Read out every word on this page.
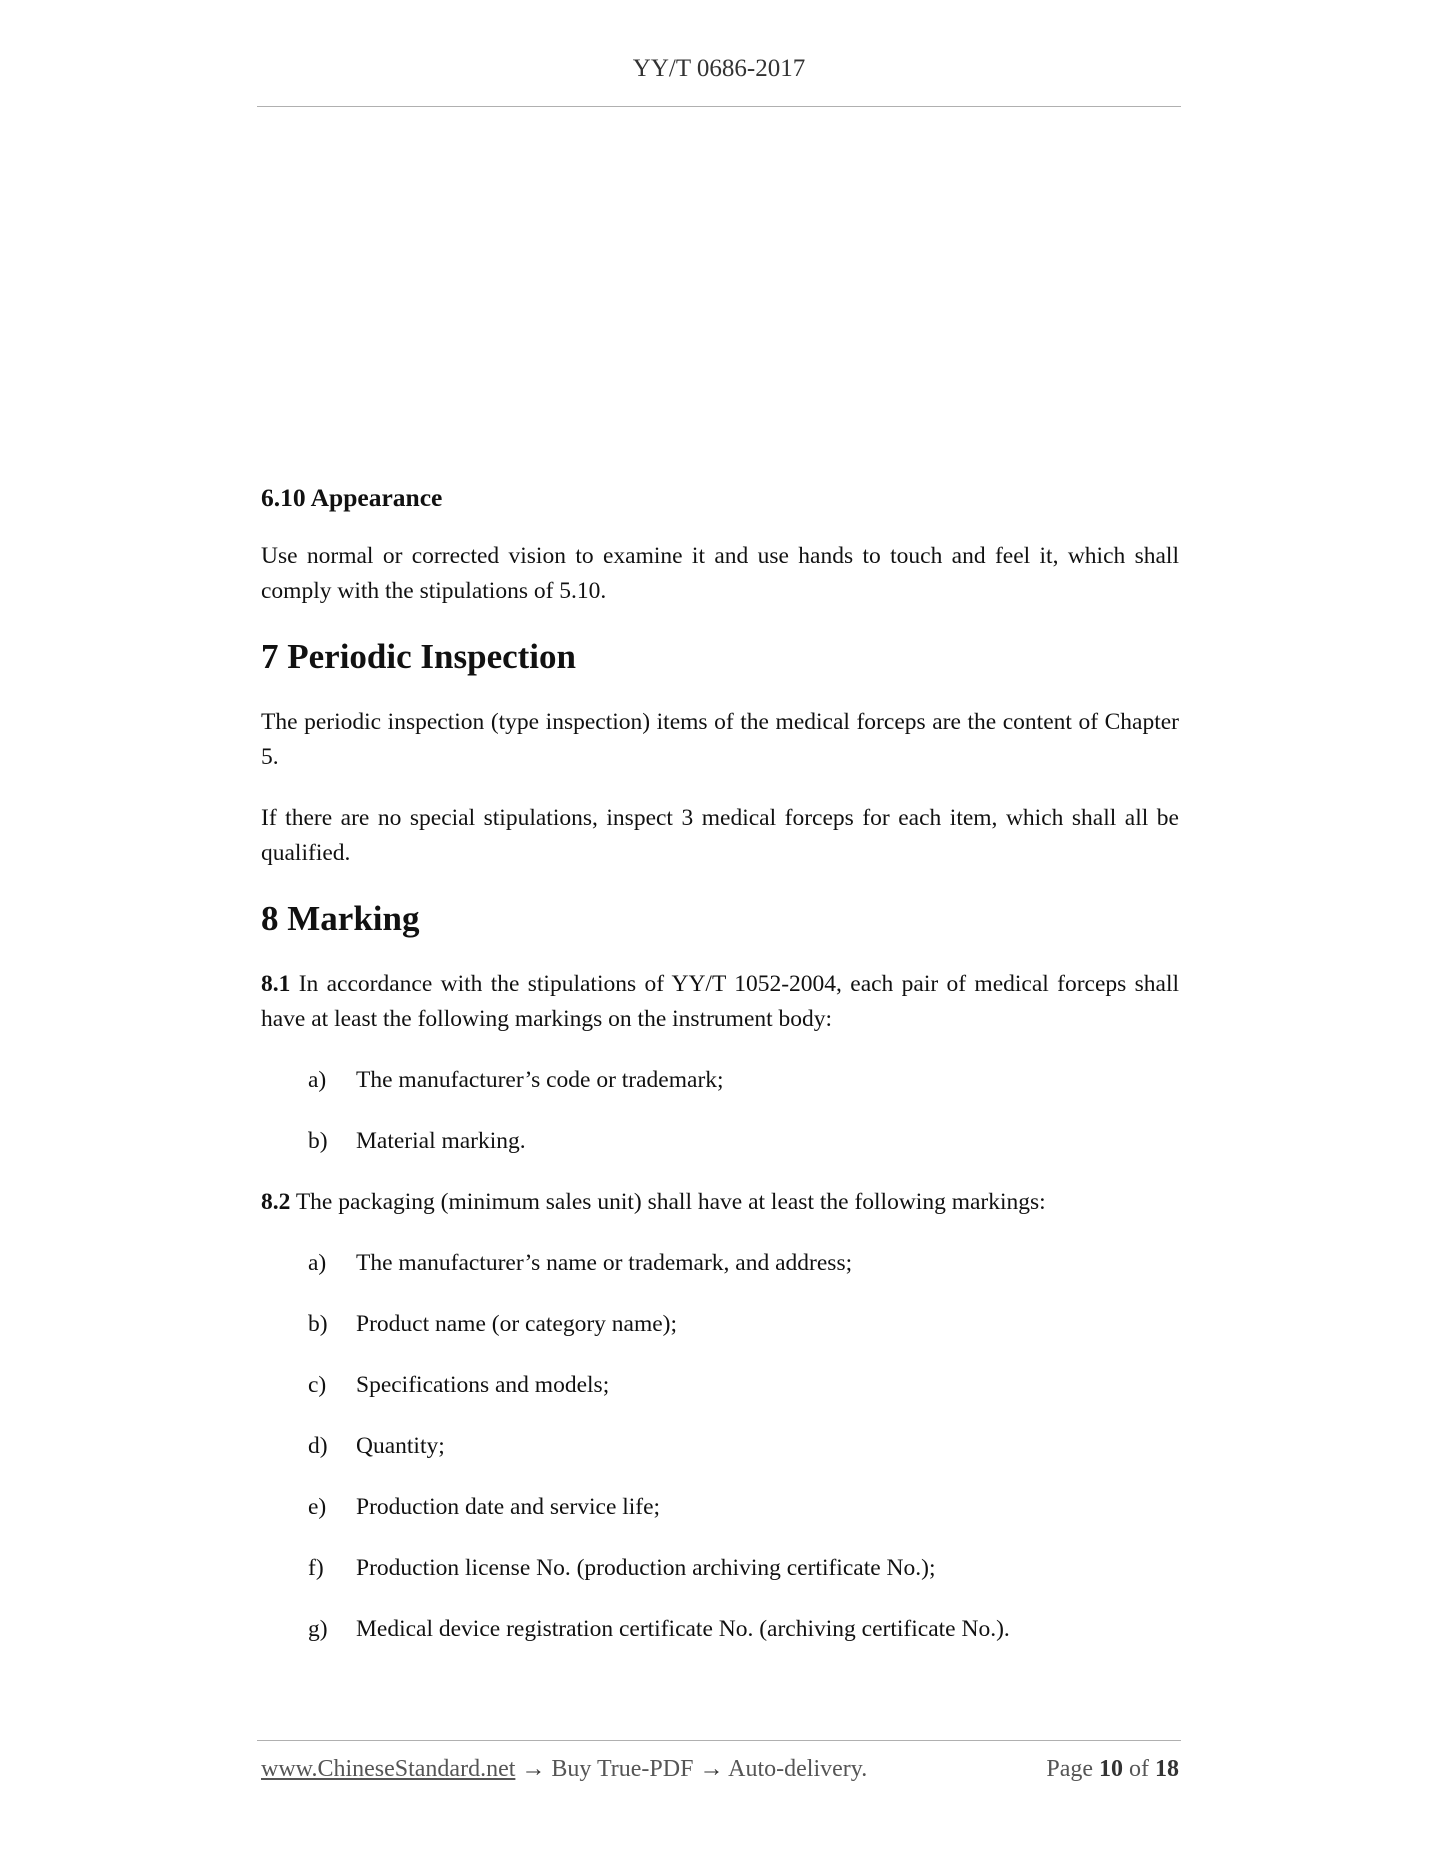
YY/T 0686-2017
6.10 Appearance

Use normal or corrected vision to examine it and use hands to touch and feel it, which shall comply with the stipulations of 5.10.

7 Periodic Inspection

The periodic inspection (type inspection) items of the medical forceps are the content of Chapter 5.

If there are no special stipulations, inspect 3 medical forceps for each item, which shall all be qualified.

8 Marking

8.1 In accordance with the stipulations of YY/T 1052-2004, each pair of medical forceps shall have at least the following markings on the instrument body:

a)	The manufacturer’s code or trademark;
b)	Material marking.

8.2 The packaging (minimum sales unit) shall have at least the following markings:

a)	The manufacturer’s name or trademark, and address;
b)	Product name (or category name);
c)	Specifications and models;
d)	Quantity;
e)	Production date and service life;
f)	Production license No. (production archiving certificate No.);
g)	Medical device registration certificate No. (archiving certificate No.).
www.ChineseStandard.net → Buy True-PDF → Auto-delivery.	Page 10 of 18
